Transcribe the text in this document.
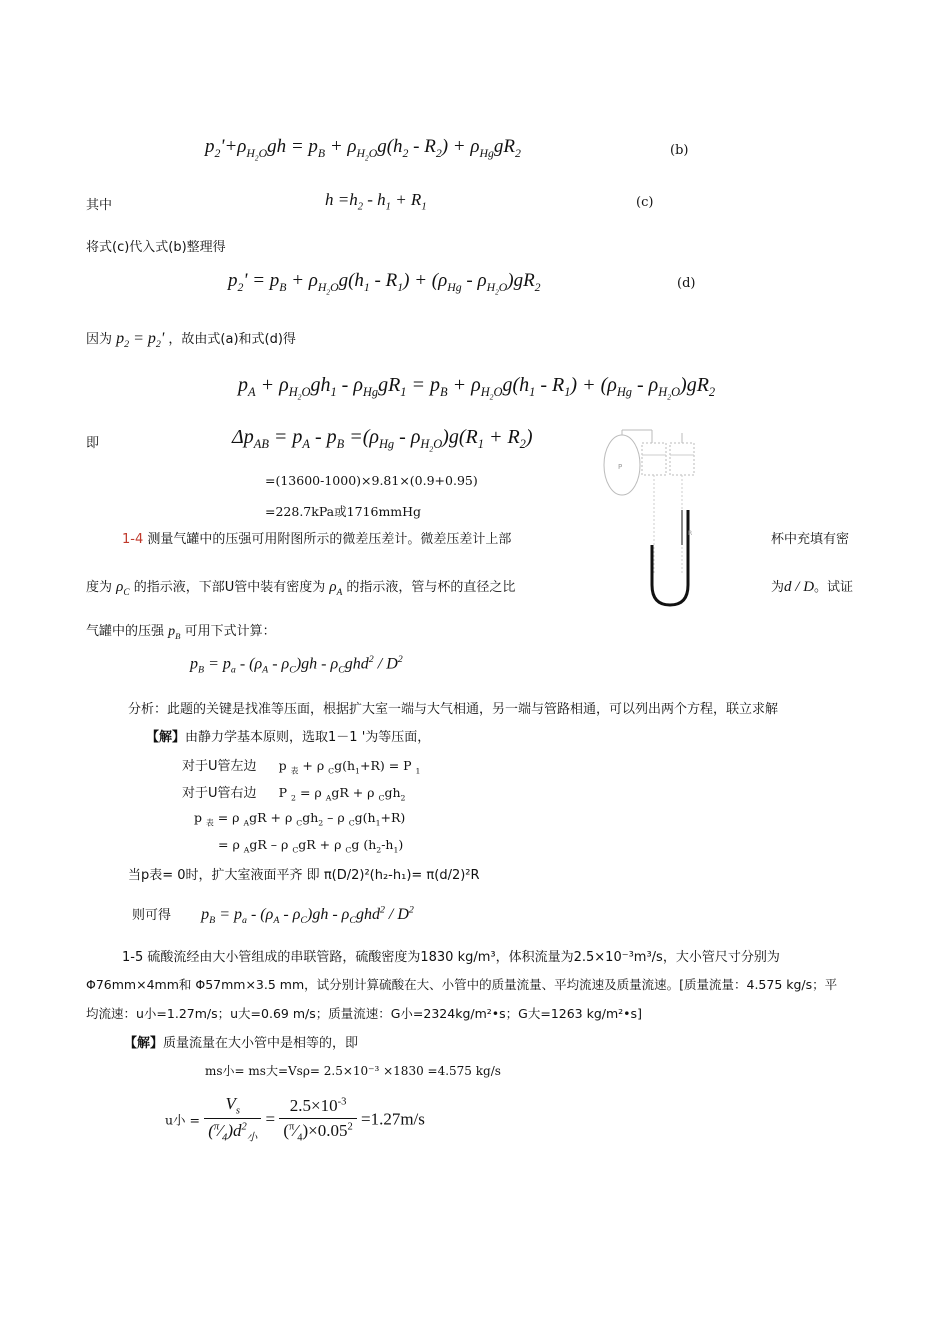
$p_2'+\rho_{H_2O}gh = p_B + \rho_{H_2O}g(h_2 - R_2) + \rho_{Hg}gR_2$	(b)
其中	$h =h_2 - h_1 + R_1$	(c)
将式(c)代入式(b)整理得
$p_2' = p_B + \rho_{H_2O}g(h_1 - R_1) + (\rho_{Hg} - \rho_{H_2O})gR_2$	(d)
因为 $p_2 = p_2'$ ，故由式(a)和式(d)得
$p_A + \rho_{H_2O}gh_1 - \rho_{Hg}gR_1 = p_B + \rho_{H_2O}g(h_1 - R_1) + (\rho_{Hg} - \rho_{H_2O})gR_2$
即	$\Delta p_{AB} = p_A - p_B =(\rho_{Hg} - \rho_{H_2O})g(R_1 + R_2)$
=(13600-1000)×9.81×(0.9+0.95)
=228.7kPa或1716mmHg
P
R
1-4 测量气罐中的压强可用附图所示的微差压差计。微差压差计上部	杯中充填有密
度为 $\rho_C$ 的指示液，下部U管中装有密度为 $\rho_A$ 的指示液，管与杯的直径之比	为d / D。试证
气罐中的压强 $p_B$ 可用下式计算：
$p_B = p_a - (\rho_A - \rho_C)gh - \rho_Cghd^2 / D^2$
分析：此题的关键是找准等压面，根据扩大室一端与大气相通，另一端与管路相通，可以列出两个方程，联立求解
【解】由静力学基本原则，选取1－1 '为等压面，
对于U管左边 p $_表$ + ρ $_Cg(h_1+R) = P$ $_1$
对于U管右边 P $_2$ = ρ $_A$gR + ρ $_Cgh_2$
p $_表$ = ρ $_A$gR + ρ $_Cgh_2$ – ρ $_Cg(h_1+R)$
= ρ $_A$gR – ρ $_C$gR + ρ $_C$g $(h_2-h_1)$
当p表= 0时，扩大室液面平齐 即 π(D/2)²(h₂-h₁)= π(d/2)²R
则可得 $p_B = p_a - (\rho_A - \rho_C)gh - \rho_Cghd^2 / D^2$
1-5 硫酸流经由大小管组成的串联管路，硫酸密度为1830 kg/m³，体积流量为2.5×10⁻³m³/s，大小管尺寸分别为
Φ76mm×4mm和 Φ57mm×3.5 mm，试分别计算硫酸在大、小管中的质量流量、平均流速及质量流速。[质量流量：4.575 kg/s；平
均流速：u小=1.27m/s；u大=0.69 m/s；质量流速：G小=2324kg/m²•s；G大=1263 kg/m²•s]
【解】质量流量在大小管中是相等的，即
ms小= ms大=Vsρ= 2.5×10⁻³ ×1830 =4.575 kg/s
u小 = $\frac{V_s}{(^\pi⁄_4)d^2_小} = \frac{2.5\times 10^{-3}}{(^\pi⁄_4)\times 0.05^2} =1.27m/s$
